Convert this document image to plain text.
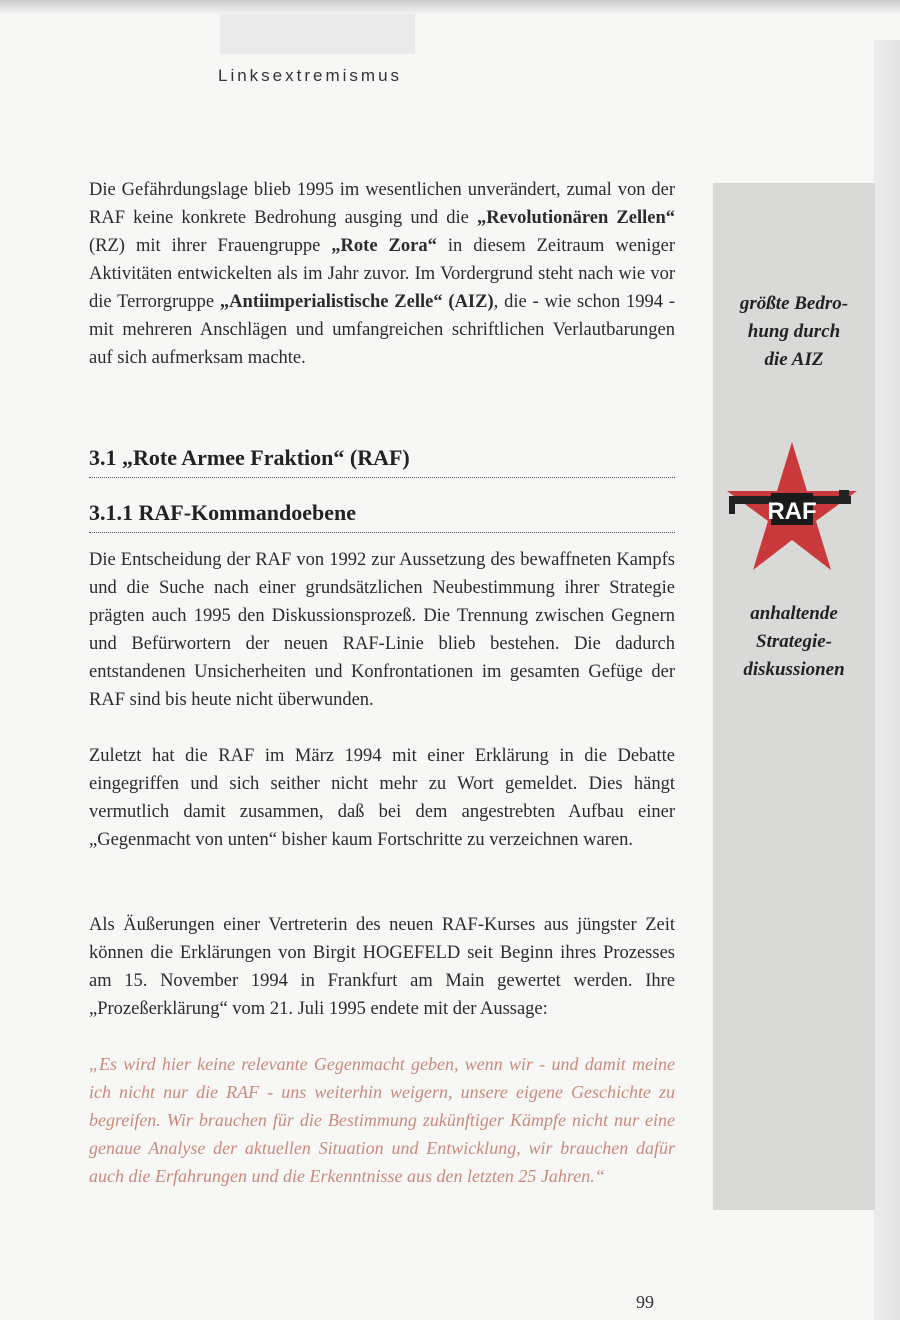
Linksextremismus
größte Bedro-
hung durch
die AIZ
RAF
anhaltende
Strategie-
diskussionen

Die Gefährdungslage blieb 1995 im wesentlichen unverändert, zumal von der RAF keine konkrete Bedrohung ausging und die „Revolutionären Zellen“ (RZ) mit ihrer Frauengruppe „Rote Zora“ in diesem Zeitraum weniger Aktivitäten entwickelten als im Jahr zuvor. Im Vordergrund steht nach wie vor die Terrorgruppe „Antiimperialistische Zelle“ (AIZ), die - wie schon 1994 - mit mehreren Anschlägen und umfangreichen schriftlichen Verlautbarungen auf sich aufmerksam machte.

3.1 „Rote Armee Fraktion“ (RAF)
3.1.1 RAF-Kommandoebene

Die Entscheidung der RAF von 1992 zur Aussetzung des bewaffneten Kampfs und die Suche nach einer grundsätzlichen Neubestimmung ihrer Strategie prägten auch 1995 den Diskussionsprozeß. Die Trennung zwischen Gegnern und Befürwortern der neuen RAF-Linie blieb bestehen. Die dadurch entstandenen Unsicherheiten und Konfrontationen im gesamten Gefüge der RAF sind bis heute nicht überwunden.

Zuletzt hat die RAF im März 1994 mit einer Erklärung in die Debatte eingegriffen und sich seither nicht mehr zu Wort gemeldet. Dies hängt vermutlich damit zusammen, daß bei dem angestrebten Aufbau einer „Gegenmacht von unten“ bisher kaum Fortschritte zu verzeichnen waren.

Als Äußerungen einer Vertreterin des neuen RAF-Kurses aus jüngster Zeit können die Erklärungen von Birgit HOGEFELD seit Beginn ihres Prozesses am 15. November 1994 in Frankfurt am Main gewertet werden. Ihre „Prozeßerklärung“ vom 21. Juli 1995 endete mit der Aussage:

„Es wird hier keine relevante Gegenmacht geben, wenn wir - und damit meine ich nicht nur die RAF - uns weiterhin weigern, unsere eigene Geschichte zu begreifen. Wir brauchen für die Bestimmung zukünftiger Kämpfe nicht nur eine genaue Analyse der aktuellen Situation und Entwicklung, wir brauchen dafür auch die Erfahrungen und die Erkenntnisse aus den letzten 25 Jahren.“

99
